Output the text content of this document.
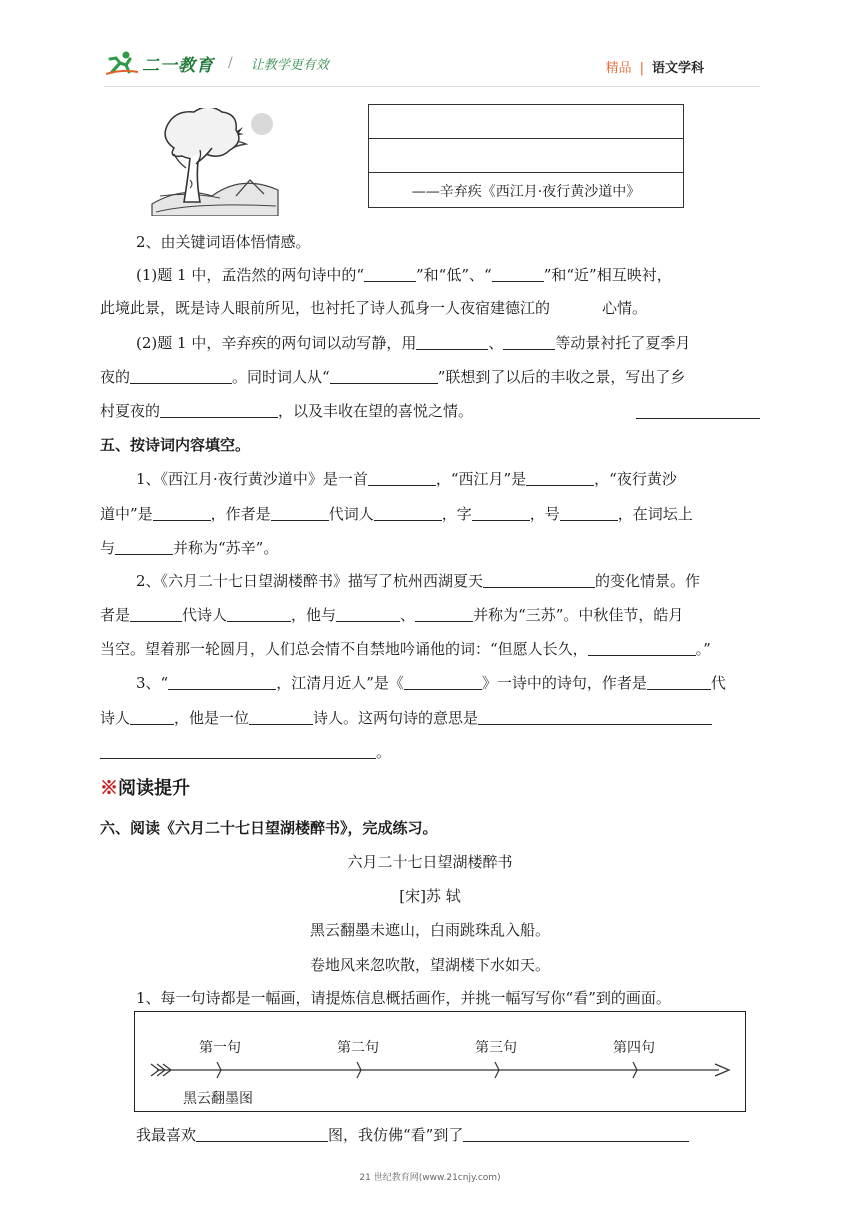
二一教育 / 让教学更有效	精品 | 语文学科
——辛弃疾《西江月·夜行黄沙道中》
2、由关键词语体悟情感。
(1)题 1 中，孟浩然的两句诗中的“	”和“低”、“	”和“近”相互映衬，
此境此景，既是诗人眼前所见，也衬托了诗人孤身一人夜宿建德江的	心情。
(2)题 1 中，辛弃疾的两句词以动写静，用	、	等动景衬托了夏季月
夜的	。同时词人从“	”联想到了以后的丰收之景，写出了乡
村夏夜的	，以及丰收在望的喜悦之情。
五、按诗词内容填空。
1、《西江月·夜行黄沙道中》是一首	，“西江月”是	，“夜行黄沙
道中”是	，作者是	代词人	，字	，号	，在词坛上
与	并称为“苏辛”。
2、《六月二十七日望湖楼醉书》描写了杭州西湖夏天	的变化情景。作
者是	代诗人	，他与	、	并称为“三苏”。中秋佳节，皓月
当空。望着那一轮圆月，人们总会情不自禁地吟诵他的词：“但愿人长久，	。”
3、“	，江清月近人”是《	》一诗中的诗句，作者是	代
诗人	，他是一位	诗人。这两句诗的意思是
。
※阅读提升
六、阅读《六月二十七日望湖楼醉书》，完成练习。
六月二十七日望湖楼醉书
[宋]苏 轼
黑云翻墨未遮山，白雨跳珠乱入船。
卷地风来忽吹散，望湖楼下水如天。
1、每一句诗都是一幅画，请提炼信息概括画作，并挑一幅写写你“看”到的画面。
第一句	第二句	第三句	第四句
黑云翻墨图
我最喜欢	图，我仿佛“看”到了
21 世纪教育网(www.21cnjy.com)
